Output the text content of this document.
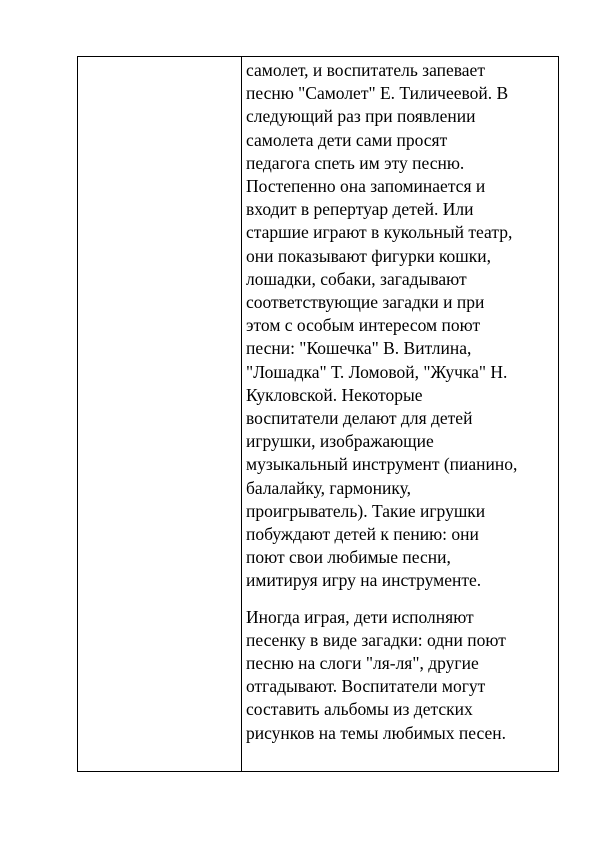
самолет, и воспитатель запевает
песню "Самолет" Е. Тиличеевой. В
следующий раз при появлении
самолета дети сами просят
педагога спеть им эту песню.
Постепенно она запоминается и
входит в репертуар детей. Или
старшие играют в кукольный театр,
они показывают фигурки кошки,
лошадки, собаки, загадывают
соответствующие загадки и при
этом с особым интересом поют
песни: "Кошечка" В. Витлина,
"Лошадка" Т. Ломовой, "Жучка" Н.
Кукловской. Некоторые
воспитатели делают для детей
игрушки, изображающие
музыкальный инструмент (пианино,
балалайку, гармонику,
проигрыватель). Такие игрушки
побуждают детей к пению: они
поют свои любимые песни,
имитируя игру на инструменте.

Иногда играя, дети исполняют
песенку в виде загадки: одни поют
песню на слоги "ля-ля", другие
отгадывают. Воспитатели могут
составить альбомы из детских
рисунков на темы любимых песен.
